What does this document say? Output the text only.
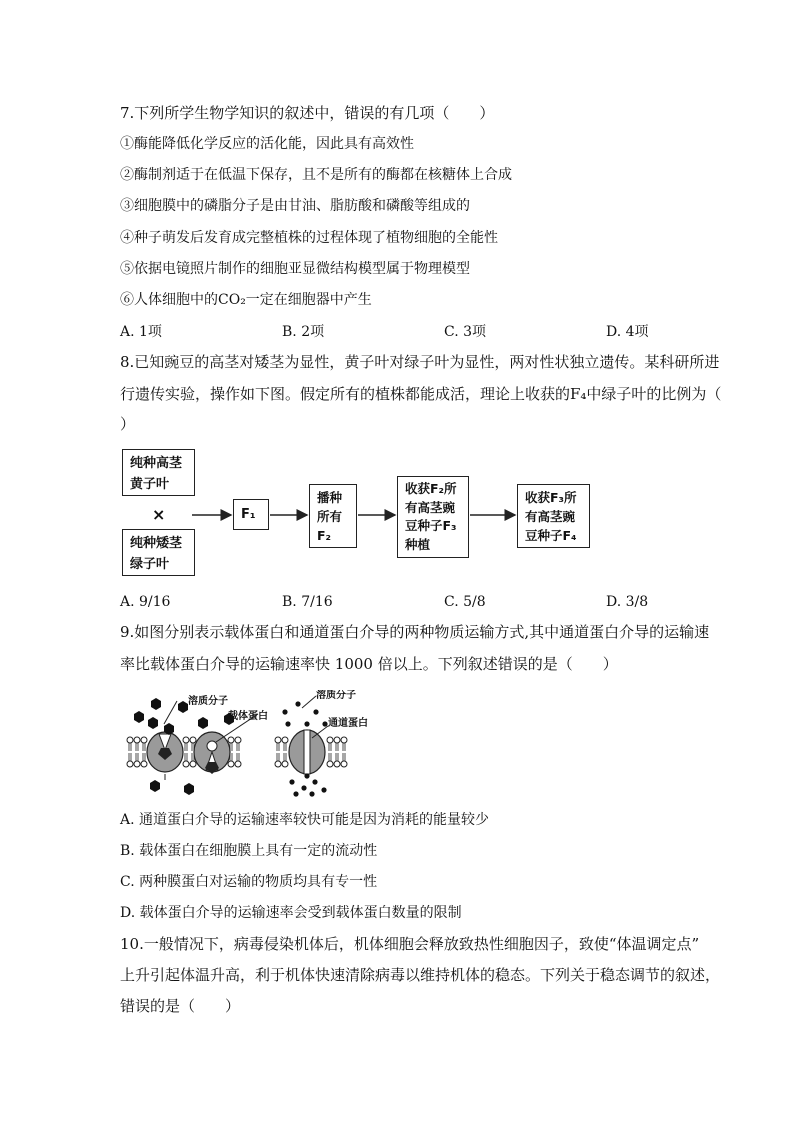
7.下列所学生物学知识的叙述中，错误的有几项（　　）
①酶能降低化学反应的活化能，因此具有高效性
②酶制剂适于在低温下保存，且不是所有的酶都在核糖体上合成
③细胞膜中的磷脂分子是由甘油、脂肪酸和磷酸等组成的
④种子萌发后发育成完整植株的过程体现了植物细胞的全能性
⑤依据电镜照片制作的细胞亚显微结构模型属于物理模型
⑥人体细胞中的CO₂一定在细胞器中产生
A. 1项	B. 2项	C. 3项	D. 4项
8.已知豌豆的高茎对矮茎为显性，黄子叶对绿子叶为显性，两对性状独立遗传。某科研所进
行遗传实验，操作如下图。假定所有的植株都能成活，理论上收获的F₄中绿子叶的比例为（
）
纯种高茎
黄子叶
×
纯种矮茎
绿子叶
F₁
播种
所有
F₂
收获F₂所
有高茎豌
豆种子F₃
种植
收获F₃所
有高茎豌
豆种子F₄
A. 9/16	B. 7/16	C. 5/8	D. 3/8
9.如图分别表示载体蛋白和通道蛋白介导的两种物质运输方式,其中通道蛋白介导的运输速
率比载体蛋白介导的运输速率快 1000 倍以上。下列叙述错误的是（　　）
溶质分子
载体蛋白
溶质分子
通道蛋白
A. 通道蛋白介导的运输速率较快可能是因为消耗的能量较少
B. 载体蛋白在细胞膜上具有一定的流动性
C. 两种膜蛋白对运输的物质均具有专一性
D. 载体蛋白介导的运输速率会受到载体蛋白数量的限制
10.一般情况下，病毒侵染机体后，机体细胞会释放致热性细胞因子，致使“体温调定点”
上升引起体温升高，利于机体快速清除病毒以维持机体的稳态。下列关于稳态调节的叙述，
错误的是（　　）
